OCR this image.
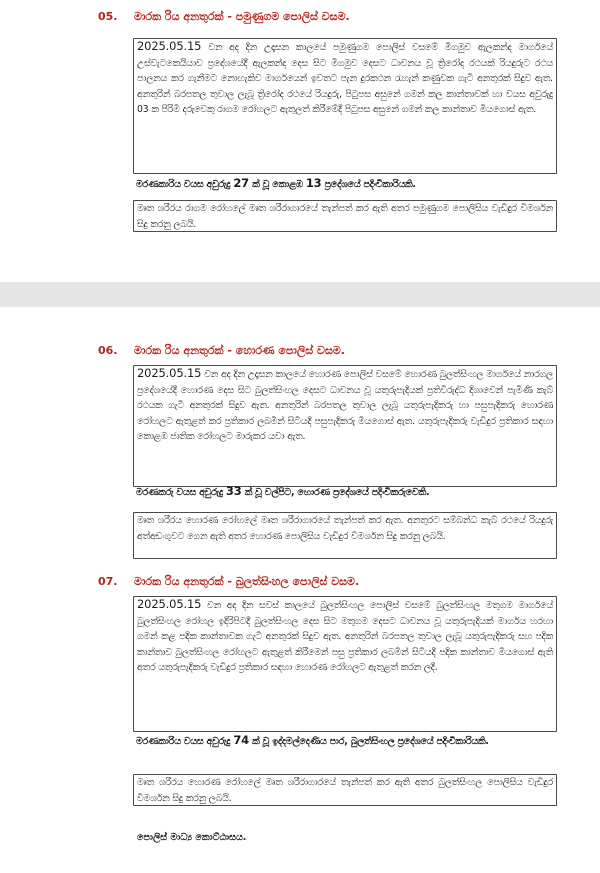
05. මාරක රිය අනතුරක් - පමුණුගම පොලිස් වසම.

2025.05.15 වන අද දින උදෑසන කාලයේ පමුණුගම පොලිස් වසමේ මීගමුව ඇලකන්ද මාර්ගයේ උස්වැටකෙයියාව ප්‍රදේශයේදී ඇලකන්ද දෙස සිට මීගමුව දෙසට ධාවනය වූ ත්‍රිරෝද රථයක් රියදුරුට රථය පාලනය කර ගැනීමට නොහැකිව මාර්ගයෙන් ඉවතට පැන දුරකථන රැහැන් කණුවක ගැටී අනතුරක් සිදුව ඇත. අනතුරින් බරපතල තුවාල ලැබූ ත්‍රිරෝද රථයේ රියදුරු, පිටුපස අසුනේ ගමන් කල කාන්තාවක් හා වයස අවුරුදු 03 ක පිරිමි දරුවෙකු රාගම රෝහලට ඇතුලත් කිරීමේදී පිටුපස අසුනේ ගමන් කල කාන්තාව මියගොස් ඇත.

මරණකාරිය වයස අවුරුදු 27 ක් වූ කොළඹ 13 ප්‍රදේශයේ පදිංචිකාරියකි.

මෘත ශරීරය රාගම රෝහලේ මෘත ශරීරාගාරයේ තැන්පත් කර ඇති අතර පමුණුගම පොලිසිය වැඩිදුර විමර්ශන සිදු කරනු ලබයි.

06. මාරක රිය අනතුරක් - හොරණ පොලිස් වසම.

2025.05.15 වන අද දින උදෑසන කාලයේ හොරණ පොලිස් වසමේ හොරණ බුලත්සිංහල මාර්ගයේ නාරගල ප්‍රදේශයේදී හොරණ දෙස සිට බුලත්සිංහල දෙසට ධාවනය වූ යතුරුපැදියක් ප්‍රතිවිරුද්ධ දිශාවෙන් පැමිණි කැබ් රථයක ගැටී අනතුරක් සිදුව ඇත. අනතුරින් බරපතල තුවාල ලැබූ යතුරුපැදිකරු හා පසුපැදිකරු හොරණ රෝහලට ඇතුළත් කර ප්‍රතිකාර ලබමින් සිටියදී පසුපැදිකරු මියගොස් ඇත. යතුරුපැදිකරු වැඩිදුර ප්‍රතිකාර සඳහා කොළඹ ජාතික රෝහලට මාරුකර යවා ඇත.

මරණකරු වයස අවුරුදු 33 ක් වූ වල්පිට, හොරණ ප්‍රදේශයේ පදිංචිකරුවෙකි.

මෘත ශරීරය හොරණ රෝහලේ මෘත ශරීරාගාරයේ තැන්පත් කර ඇත. අනතුරට සම්බන්ධ කැබ් රථයේ රියදුරු අත්අඩංගුවට ගෙන ඇති අතර හොරණ පොලිසිය වැඩිදුර විමර්ශන සිදු කරනු ලබයි.

07. මාරක රිය අනතුරක් - බුලත්සිංහල පොලිස් වසම.

2025.05.15 වන අද දින සවස් කාලයේ බුලත්සිංහල පොලිස් වසමේ බුලත්සිංහල මතුගම මාර්ගයේ බුලත්සිංහල රෝහල ඉදිරිපිටදී බුලත්සිංහල දෙස සිට මතුගම දෙසට ධාවනය වූ යතුරුපැදියක් මාර්ගය හරහා ගමන් කළ පදික කාන්තාවක ගැටී අනතුරක් සිදුව ඇත. අනතුරින් බරපතල තුවාල ලැබූ යතුරුපැදිකරු සහ පදික කාන්තාව බුලත්සිංහල රෝහලට ඇතුළත් කිරීමෙන් පසු ප්‍රතිකාර ලබමින් සිටියදී පදික කාන්තාව මියගොස් ඇති අතර යතුරුපැදිකරු වැඩිදුර ප්‍රතිකාර සඳහා හොරණ රෝහලට ඇතුළත් කරන ලදී.

මරණකාරිය වයස අවුරුදු 74 ක් වූ ඉද්දමල්දෙණිය පාර, බුලත්සිංහල ප්‍රදේශයේ පදිංචිකාරියකි.

මෘත ශරීරය හොරණ රෝහලේ මෘත ශරීරාගාරයේ තැන්පත් කර ඇති අතර බුලත්සිංහල පොලිසිය වැඩිදුර විමර්ශන සිදු කරනු ලබයි.

පොලිස් මාධ්‍ය කොට්ඨාසය.
